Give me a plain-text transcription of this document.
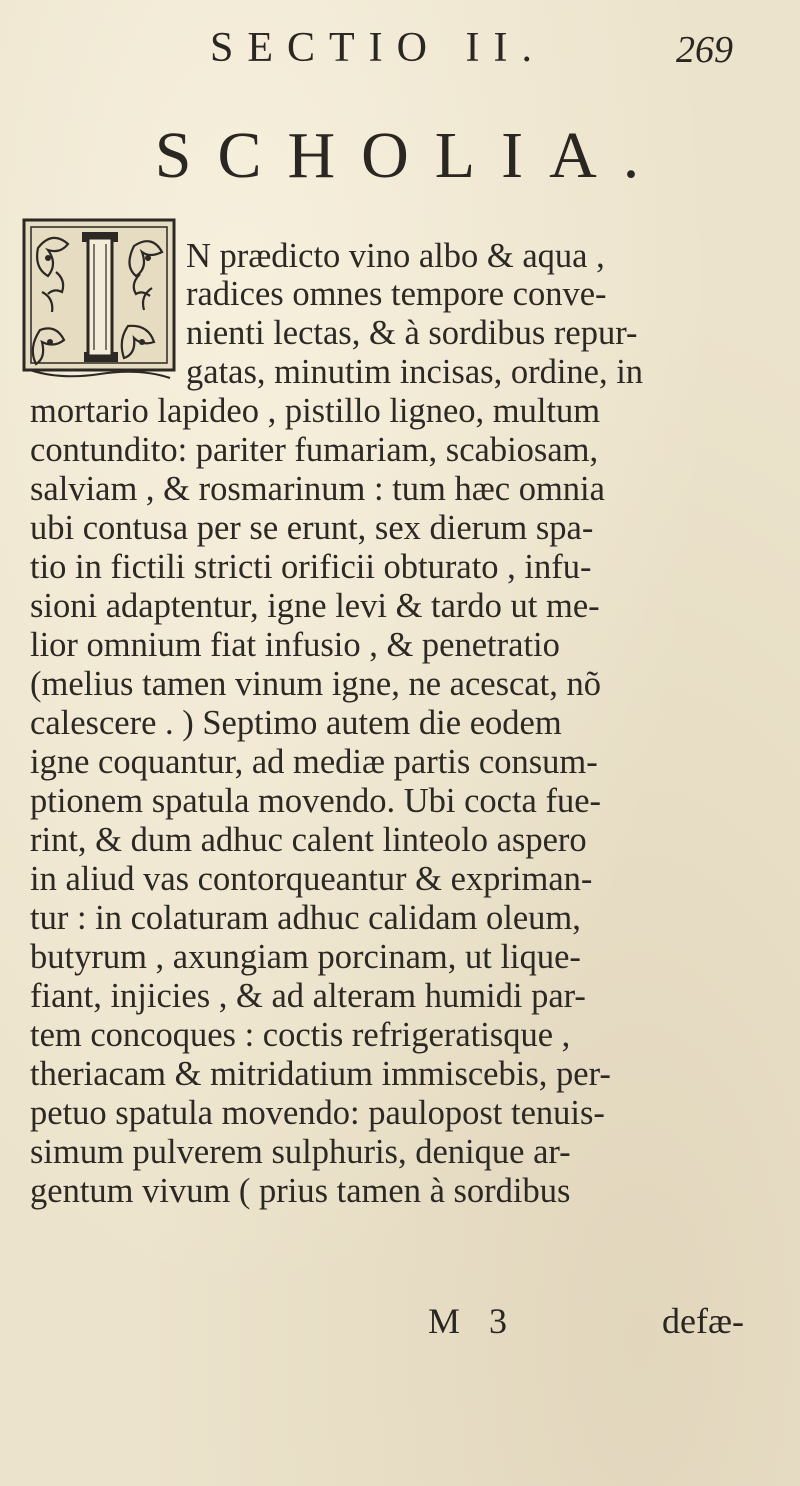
SECTIO II.	269
SCHOLIA.
N prædicto vino albo & aqua ,
radices omnes tempore conve-
nienti lectas, & à sordibus repur-
gatas, minutim incisas, ordine, in
mortario lapideo , pistillo ligneo, multum
contundito: pariter fumariam, scabiosam,
salviam , & rosmarinum : tum hæc omnia
ubi contusa per se erunt, sex dierum spa-
tio in fictili stricti orificii obturato , infu-
sioni adaptentur, igne levi & tardo ut me-
lior omnium fiat infusio , & penetratio
(melius tamen vinum igne, ne acescat, nõ
calescere . ) Septimo autem die eodem
igne coquantur, ad mediæ partis consum-
ptionem spatula movendo. Ubi cocta fue-
rint, & dum adhuc calent linteolo aspero
in aliud vas contorqueantur & expriman-
tur : in colaturam adhuc calidam oleum,
butyrum , axungiam porcinam, ut lique-
fiant, injicies , & ad alteram humidi par-
tem concoques : coctis refrigeratisque ,
theriacam & mitridatium immiscebis, per-
petuo spatula movendo: paulopost tenuis-
simum pulverem sulphuris, denique ar-
gentum vivum ( prius tamen à sordibus
M 3	defæ-
